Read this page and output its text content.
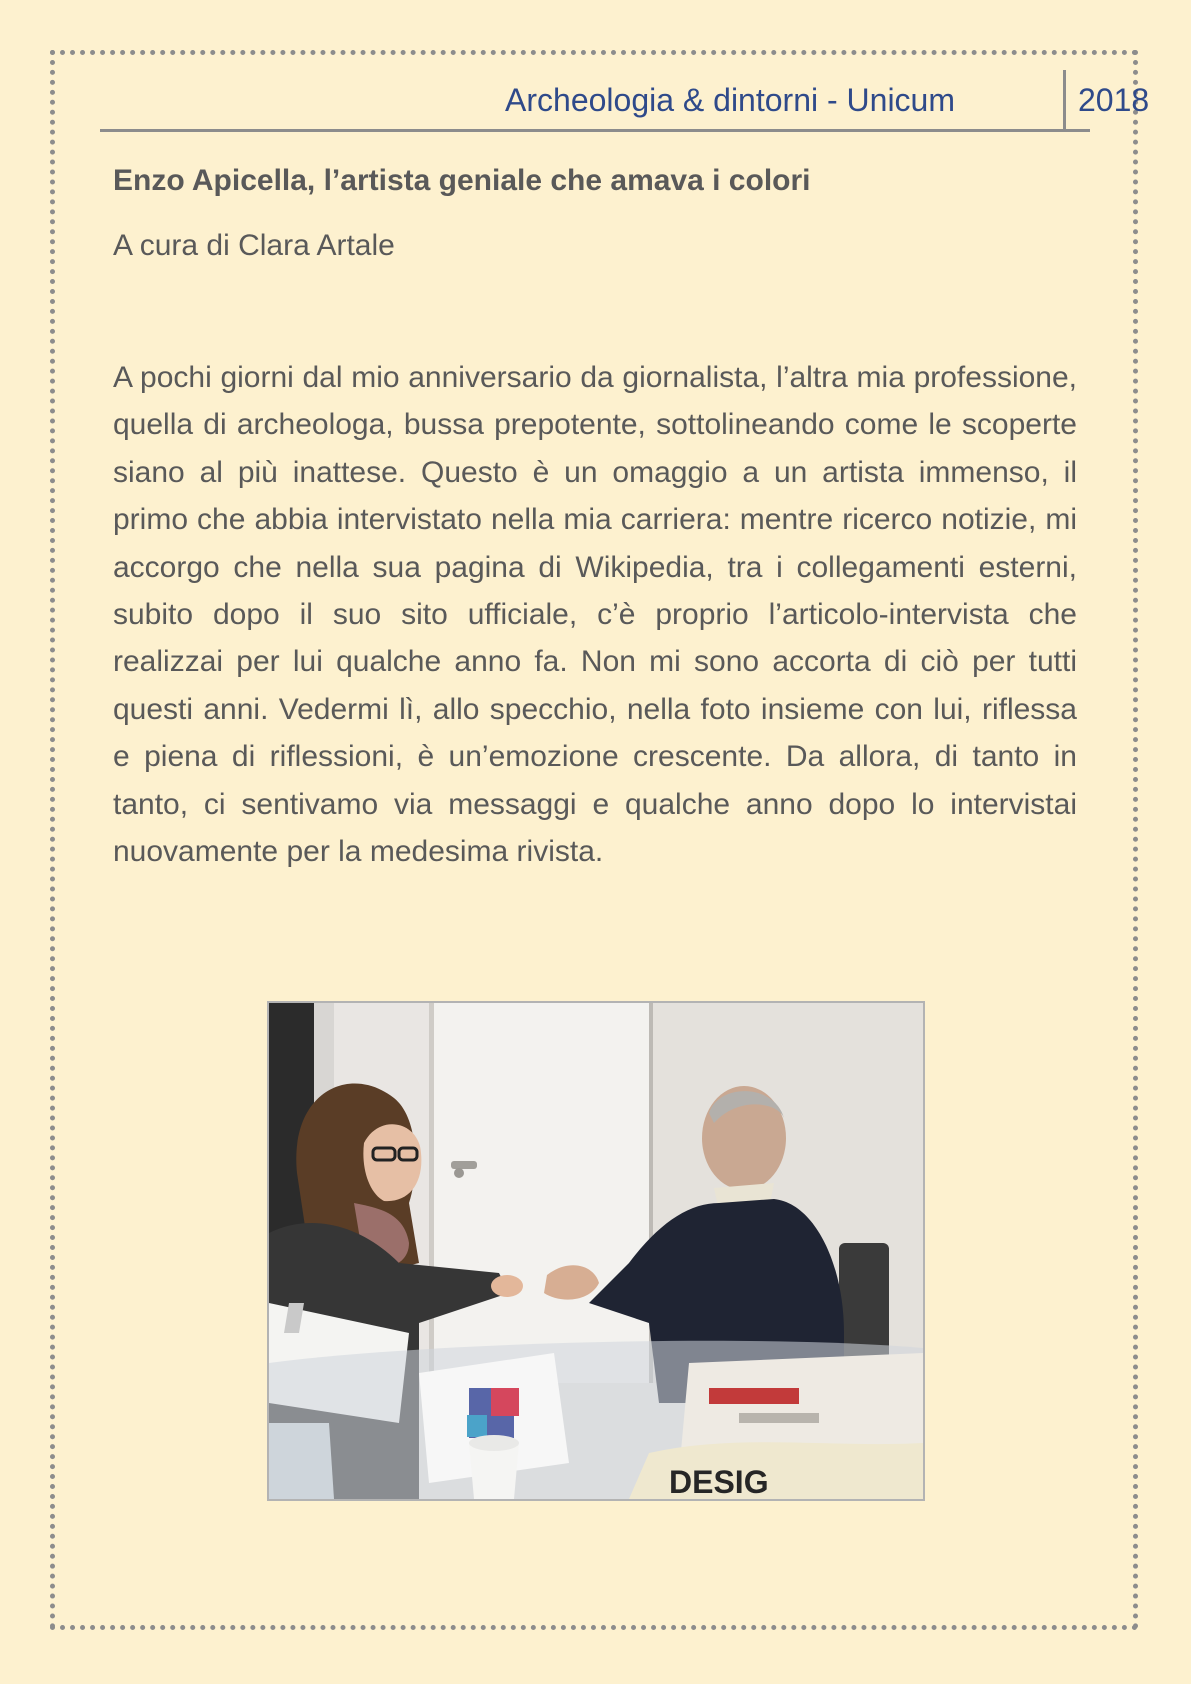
Archeologia & dintorni - Unicum	2018
Enzo Apicella, l’artista geniale che amava i colori

A cura di Clara Artale

A pochi giorni dal mio anniversario da giornalista, l’altra mia professione, quella di archeologa, bussa prepotente, sottolineando come le scoperte siano al più inattese. Questo è un omaggio a un artista immenso, il primo che abbia intervistato nella mia carriera: mentre ricerco notizie, mi accorgo che nella sua pagina di Wikipedia, tra i collegamenti esterni, subito dopo il suo sito ufficiale, c’è proprio l’articolo-intervista che realizzai per lui qualche anno fa. Non mi sono accorta di ciò per tutti questi anni. Vedermi lì, allo specchio, nella foto insieme con lui, riflessa e piena di riflessioni, è un’emozione crescente. Da allora, di tanto in tanto, ci sentivamo via messaggi e qualche anno dopo lo intervistai nuovamente per la medesima rivista.

DESIG
